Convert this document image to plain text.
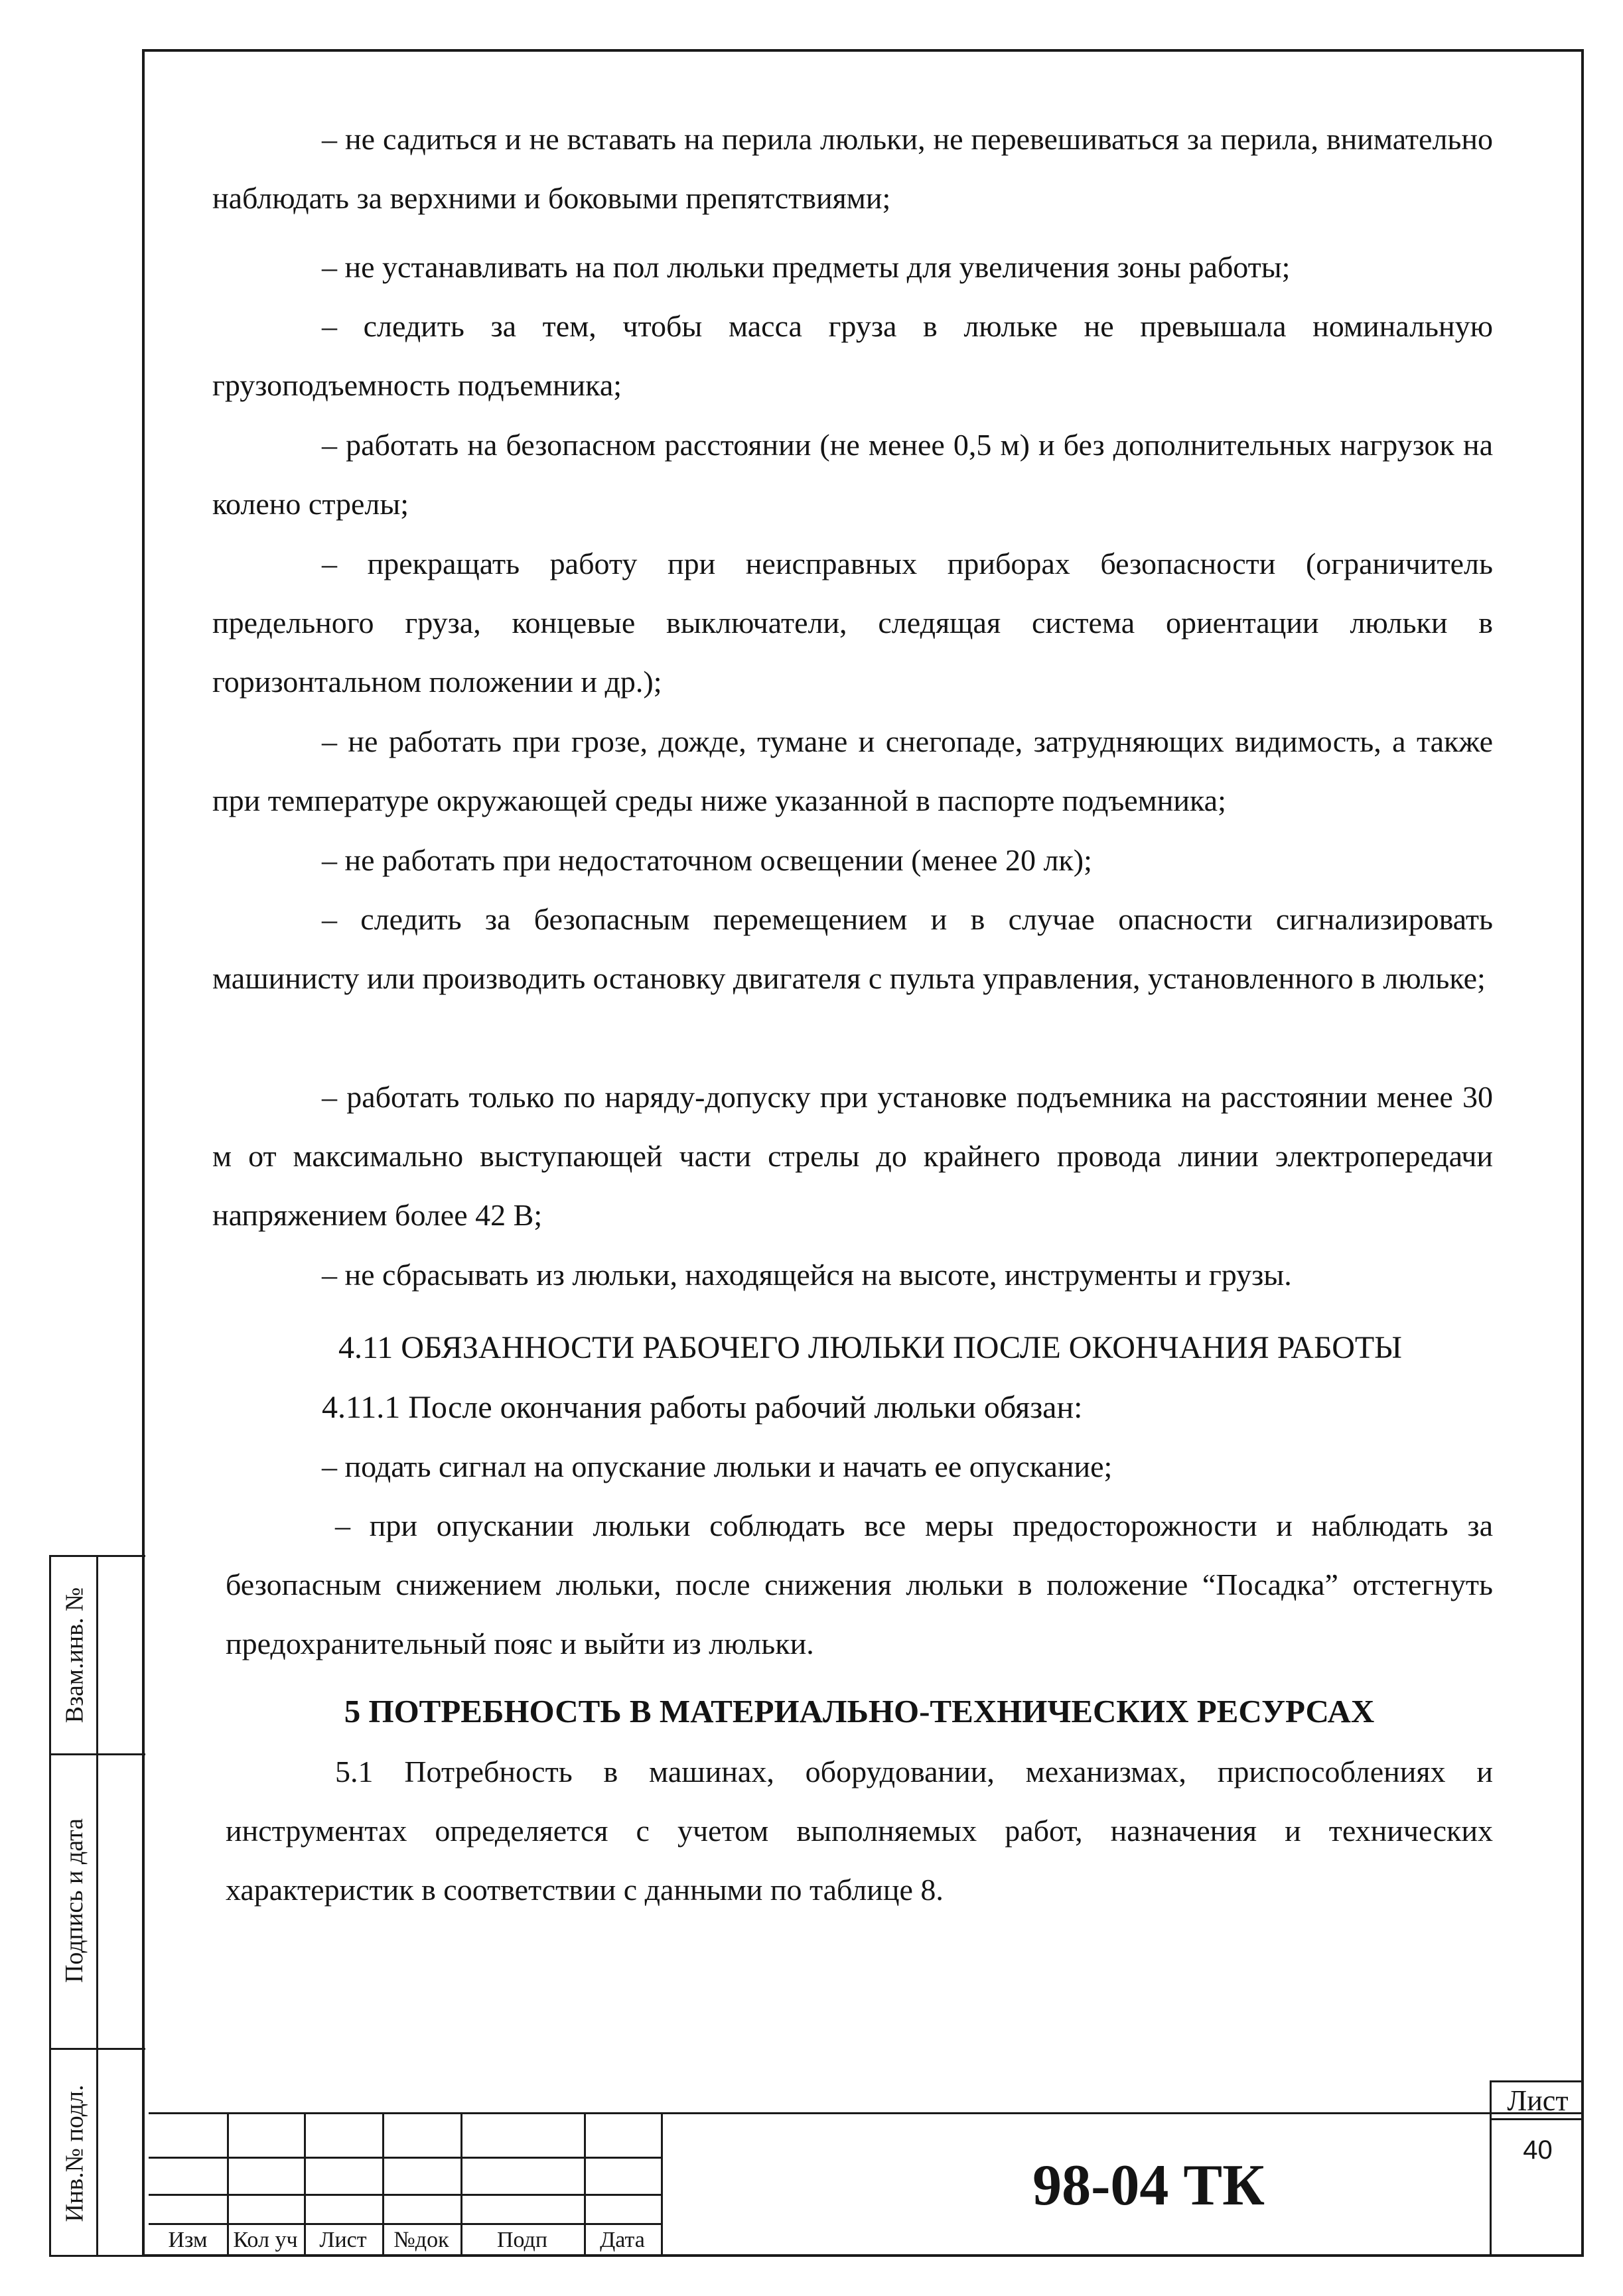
– не садиться и не вставать на перила люльки, не перевешиваться за перила, внимательно наблюдать за верхними и боковыми препятствиями;

– не устанавливать на пол люльки предметы для увеличения зоны работы;

– следить за тем, чтобы масса груза в люльке не превышала номинальную грузоподъемность подъемника;

– работать на безопасном расстоянии (не менее 0,5 м) и без дополнительных нагрузок на колено стрелы;

– прекращать работу при неисправных приборах безопасности (ограничитель предельного груза, концевые выключатели, следящая система ориентации люльки в горизонтальном положении и др.);

– не работать при грозе, дожде, тумане и снегопаде, затрудняющих видимость, а также при температуре окружающей среды ниже указанной в паспорте подъемника;

– не работать при недостаточном освещении (менее 20 лк);

– следить за безопасным перемещением и в случае опасности сигнализировать машинисту или производить остановку двигателя с пульта управления, установленного в люльке;

– работать только по наряду-допуску при установке подъемника на расстоянии менее 30 м от максимально выступающей части стрелы до крайнего провода линии электропередачи напряжением более 42 В;

– не сбрасывать из люльки, находящейся на высоте, инструменты и грузы.

4.11 ОБЯЗАННОСТИ РАБОЧЕГО ЛЮЛЬКИ ПОСЛЕ ОКОНЧАНИЯ РАБОТЫ

4.11.1 После окончания работы рабочий люльки обязан:

– подать сигнал на опускание люльки и начать ее опускание;

– при опускании люльки соблюдать все меры предосторожности и наблюдать за безопасным снижением люльки, после снижения люльки в положение “Посадка” отстегнуть предохранительный пояс и выйти из люльки.

5 ПОТРЕБНОСТЬ В МАТЕРИАЛЬНО-ТЕХНИЧЕСКИХ РЕСУРСАХ

5.1 Потребность в машинах, оборудовании, механизмах, приспособлениях и инструментах определяется с учетом выполняемых работ, назначения и технических характеристик в соответствии с данными по таблице 8.

Взам.инв. №
Подпись и дата
Инв.№ подл.
Изм	Кол уч Лист	№док	Подп	Дата
98-04 ТК
Лист
40
